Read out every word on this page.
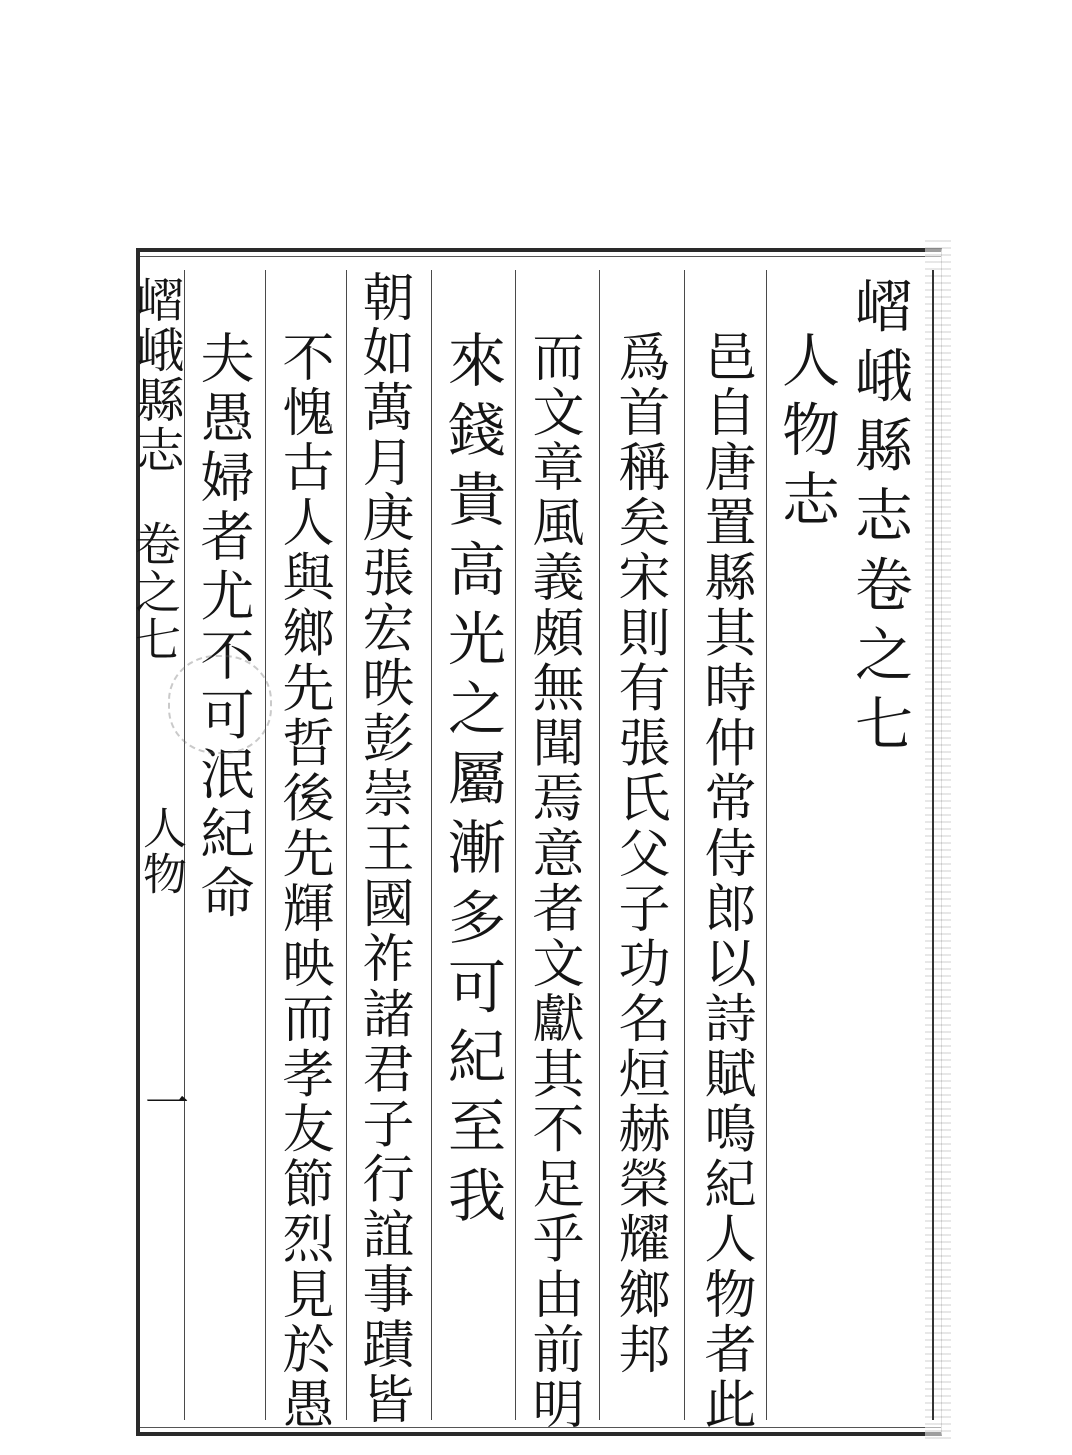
嶍峨縣志卷之七
人物志
邑自唐置縣其時仲常侍郎以詩賦鳴紀人物者此
爲首稱矣宋則有張氏父子功名烜赫榮耀鄉邦
而文章風義頗無聞焉意者文獻其不足乎由前明
來錢貴高光之屬漸多可紀至我
朝如萬月庚張宏昳彭崇王國祚諸君子行誼事蹟皆
不愧古人與鄉先哲後先輝映而孝友節烈見於愚
夫愚婦者尤不可泯紀命
嶍峨縣志
卷之七
人物
一
